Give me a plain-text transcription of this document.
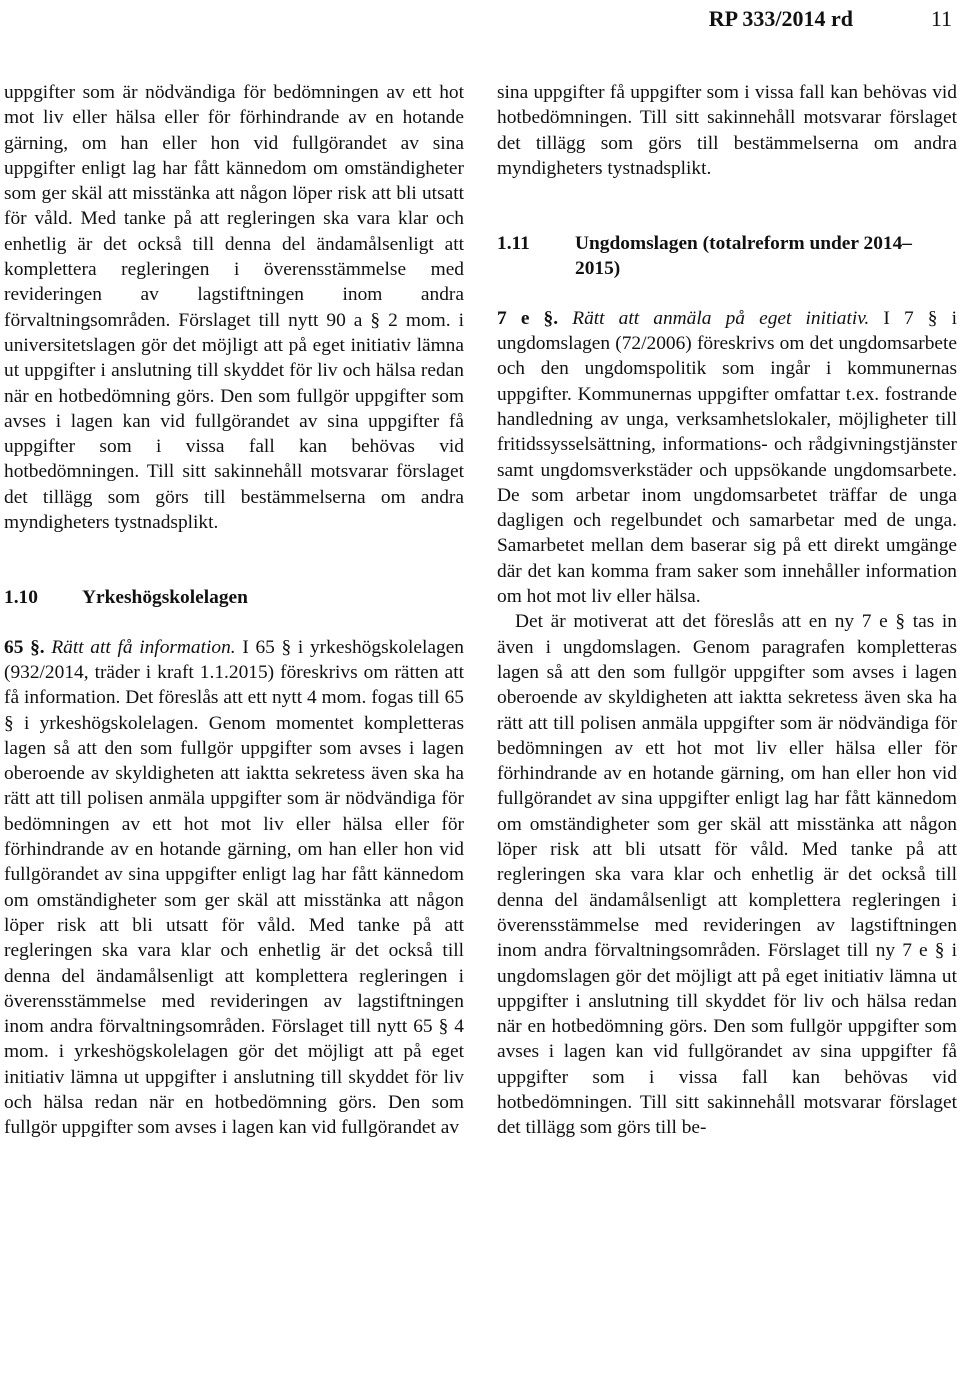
RP 333/2014 rd	11

uppgifter som är nödvändiga för bedömningen av ett hot mot liv eller hälsa eller för förhindrande av en hotande gärning, om han eller hon vid fullgörandet av sina uppgifter enligt lag har fått kännedom om omständigheter som ger skäl att misstänka att någon löper risk att bli utsatt för våld. Med tanke på att regleringen ska vara klar och enhetlig är det också till denna del ändamålsenligt att komplettera regleringen i överensstämmelse med revideringen av lagstiftningen inom andra förvaltningsområden. Förslaget till nytt 90 a § 2 mom. i universitetslagen gör det möjligt att på eget initiativ lämna ut uppgifter i anslutning till skyddet för liv och hälsa redan när en hotbedömning görs. Den som fullgör uppgifter som avses i lagen kan vid fullgörandet av sina uppgifter få uppgifter som i vissa fall kan behövas vid hotbedömningen. Till sitt sakinnehåll motsvarar förslaget det tillägg som görs till bestämmelserna om andra myndigheters tystnadsplikt.

1.10	Yrkeshögskolelagen

65 §. Rätt att få information. I 65 § i yrkeshögskolelagen (932/2014, träder i kraft 1.1.2015) föreskrivs om rätten att få information. Det föreslås att ett nytt 4 mom. fogas till 65 § i yrkeshögskolelagen. Genom momentet kompletteras lagen så att den som fullgör uppgifter som avses i lagen oberoende av skyldigheten att iakttа sekretess även ska ha rätt att till polisen anmäla uppgifter som är nödvändiga för bedömningen av ett hot mot liv eller hälsa eller för förhindrande av en hotande gärning, om han eller hon vid fullgörandet av sina uppgifter enligt lag har fått kännedom om omständigheter som ger skäl att misstänka att någon löper risk att bli utsatt för våld. Med tanke på att regleringen ska vara klar och enhetlig är det också till denna del ändamålsenligt att komplettera regleringen i överensstämmelse med revideringen av lagstiftningen inom andra förvaltningsområden. Förslaget till nytt 65 § 4 mom. i yrkeshögskolelagen gör det möjligt att på eget initiativ lämna ut uppgifter i anslutning till skyddet för liv och hälsa redan när en hotbedömning görs. Den som fullgör uppgifter som avses i lagen kan vid fullgörandet av

sina uppgifter få uppgifter som i vissa fall kan behövas vid hotbedömningen. Till sitt sakinnehåll motsvarar förslaget det tillägg som görs till bestämmelserna om andra myndigheters tystnadsplikt.

1.11	Ungdomslagen (totalreform under 2014–2015)

7 e §. Rätt att anmäla på eget initiativ. I 7 § i ungdomslagen (72/2006) föreskrivs om det ungdomsarbete och den ungdomspolitik som ingår i kommunernas uppgifter. Kommunernas uppgifter omfattar t.ex. fostrande handledning av unga, verksamhetslokaler, möjligheter till fritidssysselsättning, informations- och rådgivningstjänster samt ungdomsverkstäder och uppsökande ungdomsarbete. De som arbetar inom ungdomsarbetet träffar de unga dagligen och regelbundet och samarbetar med de unga. Samarbetet mellan dem baserar sig på ett direkt umgänge där det kan komma fram saker som innehåller information om hot mot liv eller hälsa.

Det är motiverat att det föreslås att en ny 7 e § tas in även i ungdomslagen. Genom paragrafen kompletteras lagen så att den som fullgör uppgifter som avses i lagen oberoende av skyldigheten att iakttа sekretess även ska ha rätt att till polisen anmäla uppgifter som är nödvändiga för bedömningen av ett hot mot liv eller hälsa eller för förhindrande av en hotande gärning, om han eller hon vid fullgörandet av sina uppgifter enligt lag har fått kännedom om omständigheter som ger skäl att misstänka att någon löper risk att bli utsatt för våld. Med tanke på att regleringen ska vara klar och enhetlig är det också till denna del ändamålsenligt att komplettera regleringen i överensstämmelse med revideringen av lagstiftningen inom andra förvaltningsområden. Förslaget till ny 7 e § i ungdomslagen gör det möjligt att på eget initiativ lämna ut uppgifter i anslutning till skyddet för liv och hälsa redan när en hotbedömning görs. Den som fullgör uppgifter som avses i lagen kan vid fullgörandet av sina uppgifter få uppgifter som i vissa fall kan behövas vid hotbedömningen. Till sitt sakinnehåll motsvarar förslaget det tillägg som görs till be-
